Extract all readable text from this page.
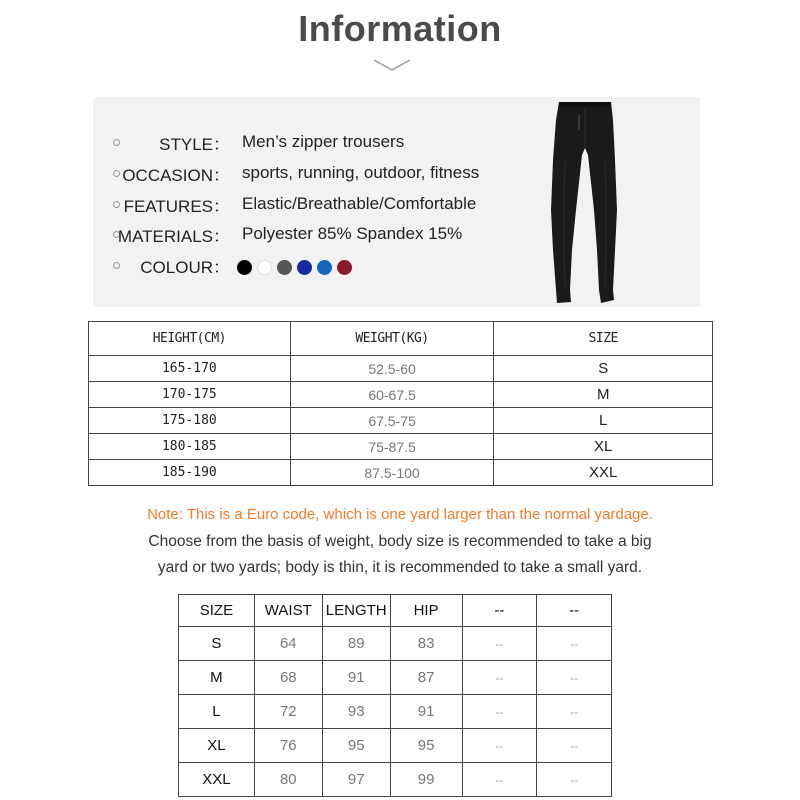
Information
STYLE： Men’s zipper trousers
OCCASION： sports, running, outdoor, fitness
FEATURES： Elastic/Breathable/Comfortable
MATERIALS： Polyester 85% Spandex 15%
COLOUR：
HEIGHT(CM)	WEIGHT(KG)	SIZE
165-170	52.5-60	S
170-175	60-67.5	M
175-180	67.5-75	L
180-185	75-87.5	XL
185-190	87.5-100	XXL
Note: This is a Euro code, which is one yard larger than the normal yardage.
Choose from the basis of weight, body size is recommended to take a big
yard or two yards; body is thin, it is recommended to take a small yard.
SIZE	WAIST	LENGTH	HIP	--	--
S	64	89	83	--	--
M	68	91	87	--	--
L	72	93	91	--	--
XL	76	95	95	--	--
XXL	80	97	99	--	--
